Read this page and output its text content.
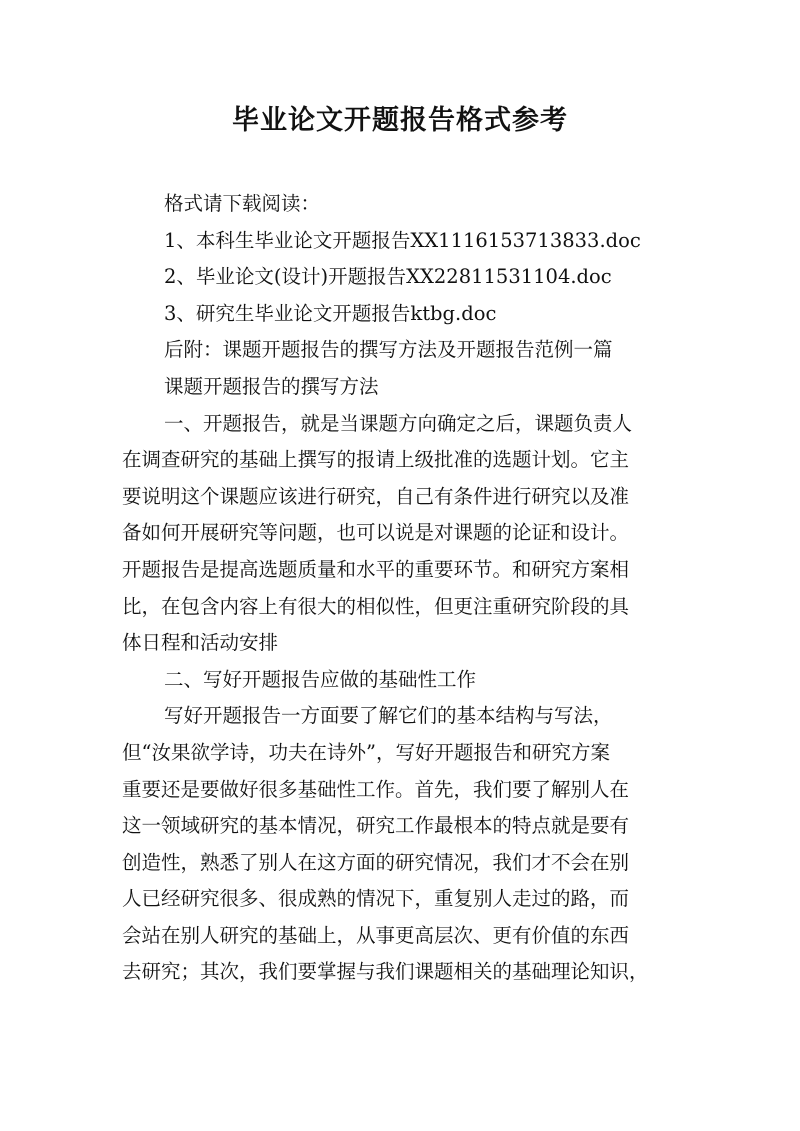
毕业论文开题报告格式参考
格式请下载阅读：
1、本科生毕业论文开题报告XX1116153713833.doc
2、毕业论文(设计)开题报告XX22811531104.doc
3、研究生毕业论文开题报告ktbg.doc
后附：课题开题报告的撰写方法及开题报告范例一篇
课题开题报告的撰写方法
一、开题报告，就是当课题方向确定之后，课题负责人
在调查研究的基础上撰写的报请上级批准的选题计划。它主
要说明这个课题应该进行研究，自己有条件进行研究以及准
备如何开展研究等问题，也可以说是对课题的论证和设计。
开题报告是提高选题质量和水平的重要环节。和研究方案相
比，在包含内容上有很大的相似性，但更注重研究阶段的具
体日程和活动安排
二、写好开题报告应做的基础性工作
写好开题报告一方面要了解它们的基本结构与写法，
但“汝果欲学诗，功夫在诗外”，写好开题报告和研究方案
重要还是要做好很多基础性工作。首先，我们要了解别人在
这一领域研究的基本情况，研究工作最根本的特点就是要有
创造性，熟悉了别人在这方面的研究情况，我们才不会在别
人已经研究很多、很成熟的情况下，重复别人走过的路，而
会站在别人研究的基础上，从事更高层次、更有价值的东西
去研究；其次，我们要掌握与我们课题相关的基础理论知识，
